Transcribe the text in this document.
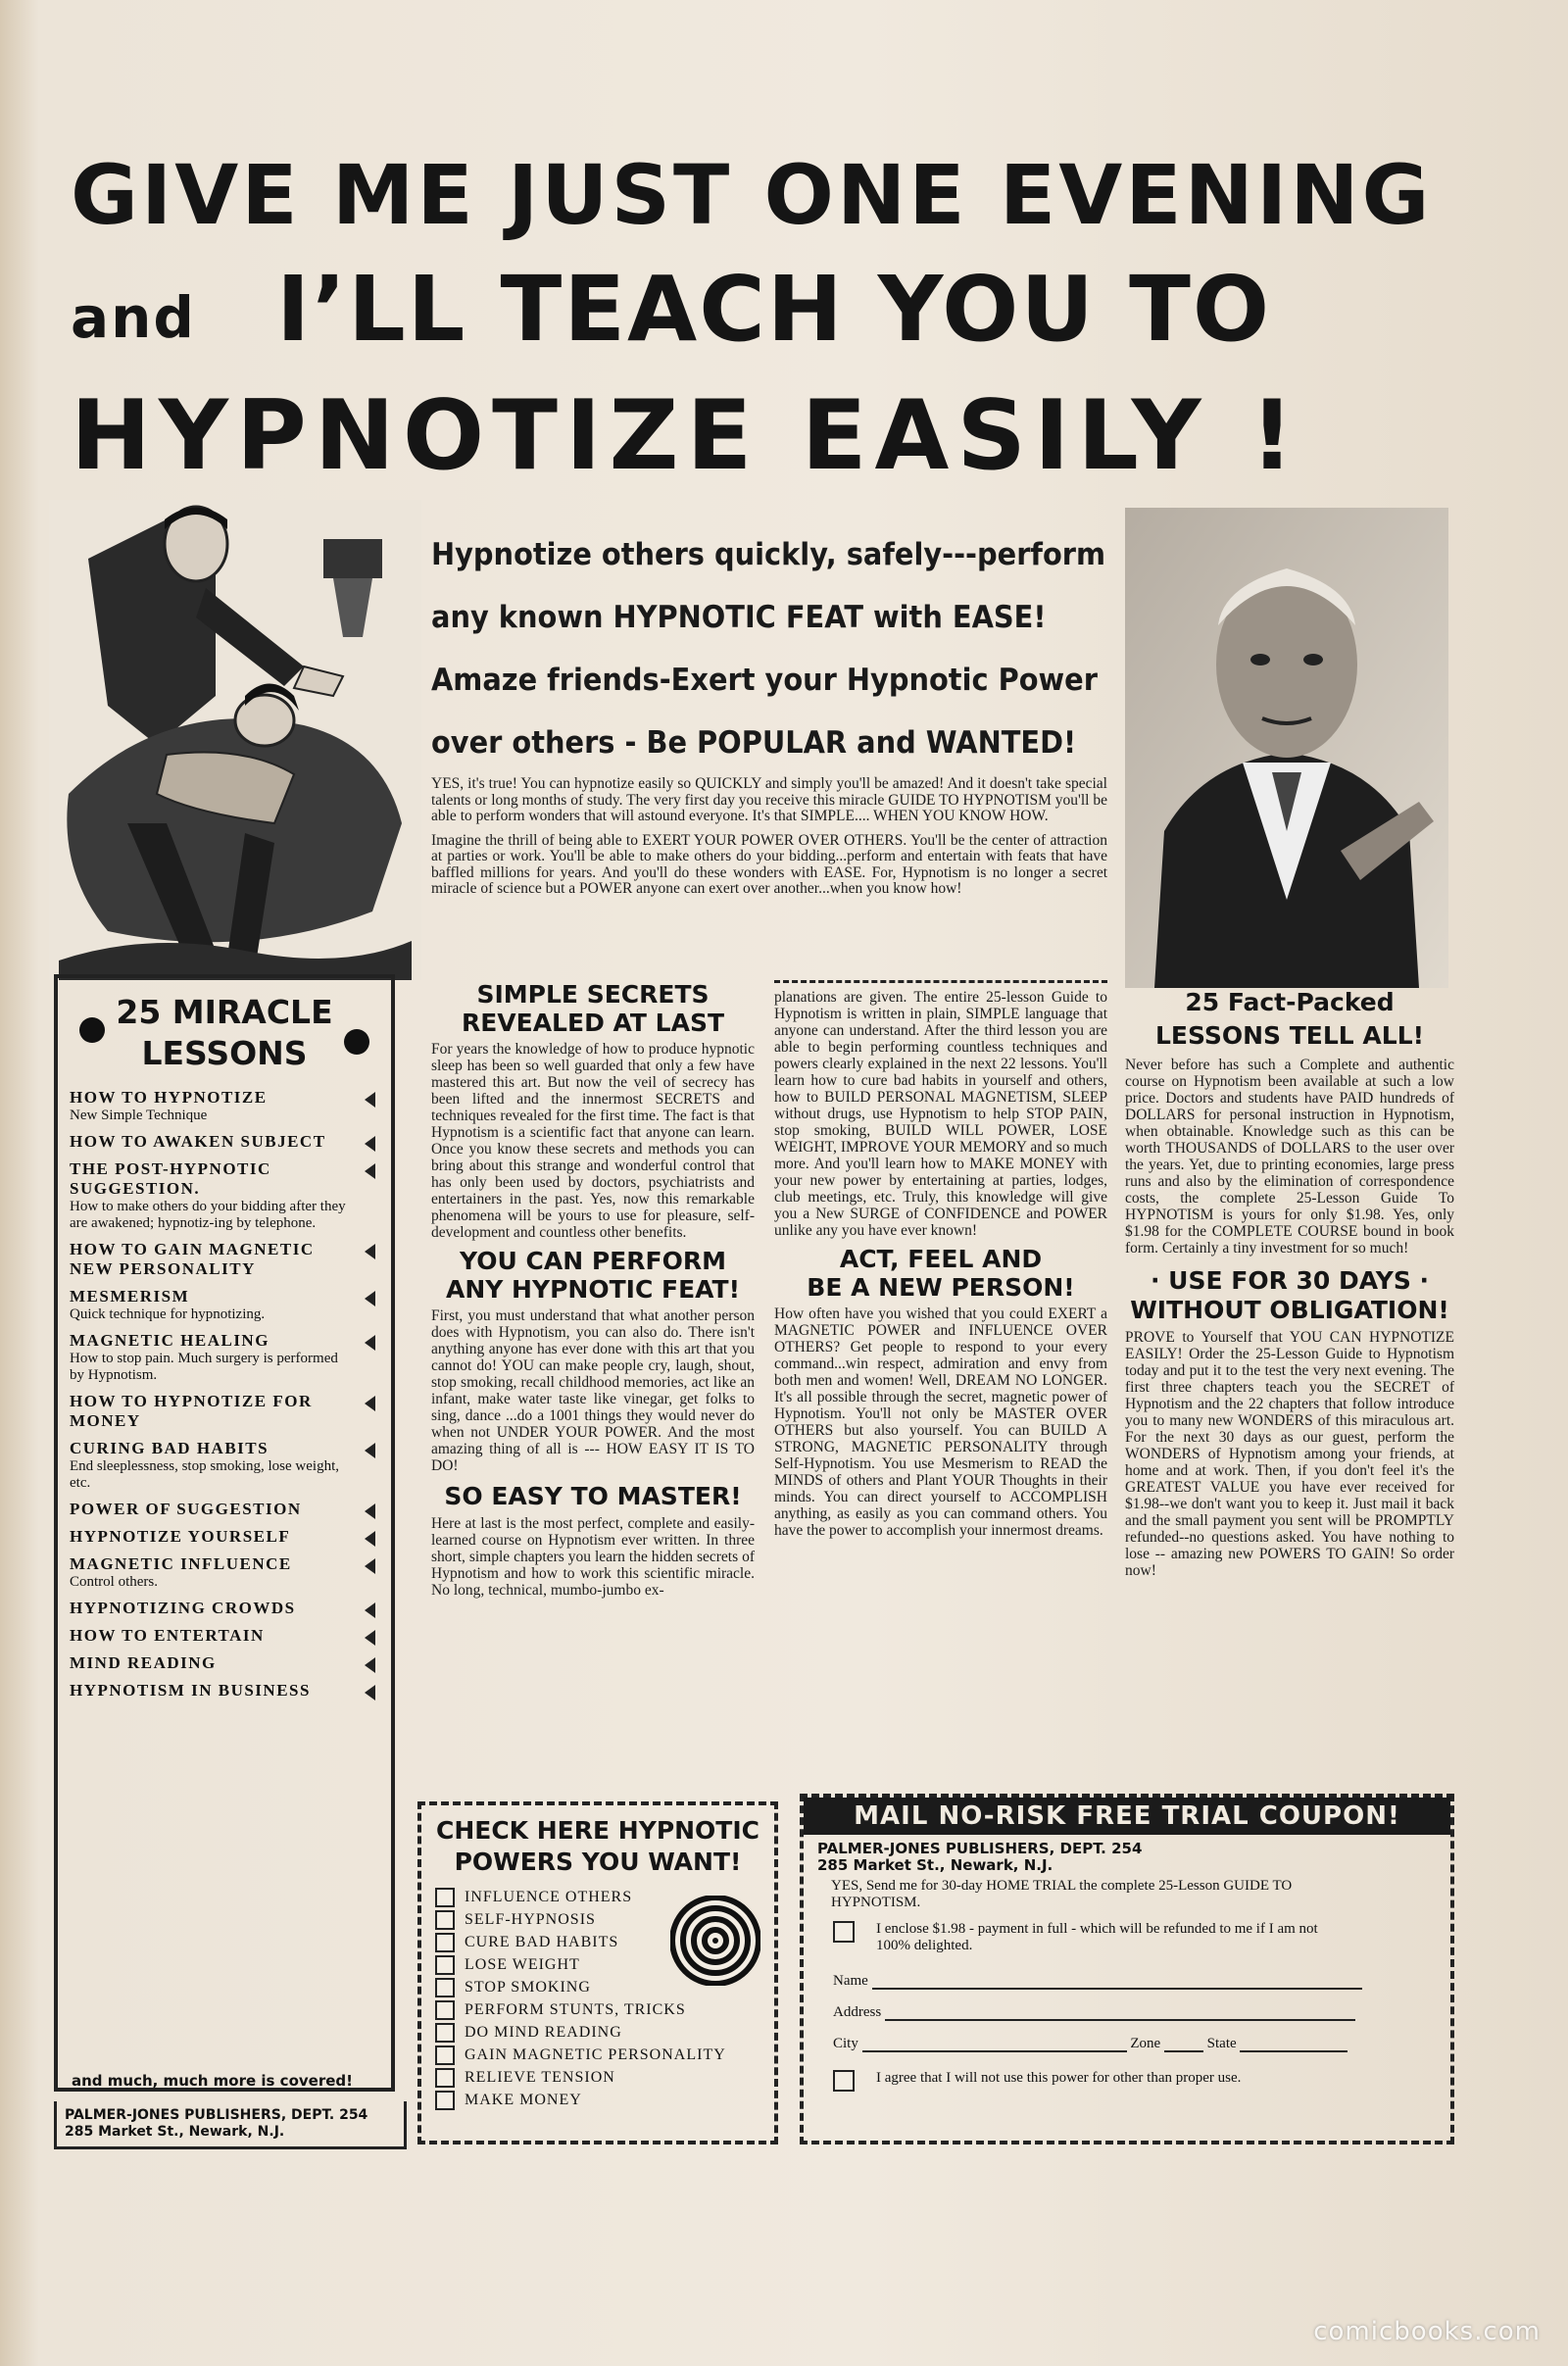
GIVE ME JUST ONE EVENING
and I’LL TEACH YOU TO
HYPNOTIZE EASILY !
Hypnotize others quickly, safely---perform
any known HYPNOTIC FEAT with EASE!
Amaze friends-Exert your Hypnotic Power
over others - Be POPULAR and WANTED!

YES, it's true! You can hypnotize easily so QUICKLY and simply you'll be amazed! And it doesn't take special talents or long months of study. The very first day you receive this miracle GUIDE TO HYPNOTISM you'll be able to perform wonders that will astound everyone. It's that SIMPLE.... WHEN YOU KNOW HOW.

Imagine the thrill of being able to EXERT YOUR POWER OVER OTHERS. You'll be the center of attraction at parties or work. You'll be able to make others do your bidding...perform and entertain with feats that have baffled millions for years. And you'll do these wonders with EASE. For, Hypnotism is no longer a secret miracle of science but a POWER anyone can exert over another...when you know how!

25 MIRACLE
LESSONS
HOW TO HYPNOTIZE
New Simple Technique
HOW TO AWAKEN SUBJECT
THE POST-HYPNOTIC SUGGESTION.
How to make others do your bidding after they are awakened; hypnotiz-ing by telephone.
HOW TO GAIN MAGNETIC NEW PERSONALITY
MESMERISM
Quick technique for hypnotizing.
MAGNETIC HEALING
How to stop pain. Much surgery is performed by Hypnotism.
HOW TO HYPNOTIZE FOR MONEY
CURING BAD HABITS
End sleeplessness, stop smoking, lose weight, etc.
POWER OF SUGGESTION
HYPNOTIZE YOURSELF
MAGNETIC INFLUENCE
Control others.
HYPNOTIZING CROWDS
HOW TO ENTERTAIN
MIND READING
HYPNOTISM IN BUSINESS
and much, much more is covered!
PALMER-JONES PUBLISHERS, DEPT. 254
285 Market St., Newark, N.J.
SIMPLE SECRETS
REVEALED AT LAST

For years the knowledge of how to produce hypnotic sleep has been so well guarded that only a few have mastered this art. But now the veil of secrecy has been lifted and the innermost SECRETS and techniques revealed for the first time. The fact is that Hypnotism is a scientific fact that anyone can learn. Once you know these secrets and methods you can bring about this strange and wonderful control that has only been used by doctors, psychiatrists and entertainers in the past. Yes, now this remarkable phenomena will be yours to use for pleasure, self-development and countless other benefits.

YOU CAN PERFORM
ANY HYPNOTIC FEAT!

First, you must understand that what another person does with Hypnotism, you can also do. There isn't anything anyone has ever done with this art that you cannot do! YOU can make people cry, laugh, shout, stop smoking, recall childhood memories, act like an infant, make water taste like vinegar, get folks to sing, dance ...do a 1001 things they would never do when not UNDER YOUR POWER. And the most amazing thing of all is --- HOW EASY IT IS TO DO!

SO EASY TO MASTER!

Here at last is the most perfect, complete and easily-learned course on Hypnotism ever written. In three short, simple chapters you learn the hidden secrets of Hypnotism and how to work this scientific miracle. No long, technical, mumbo-jumbo ex-

planations are given. The entire 25-lesson Guide to Hypnotism is written in plain, SIMPLE language that anyone can understand. After the third lesson you are able to begin performing countless techniques and powers clearly explained in the next 22 lessons. You'll learn how to cure bad habits in yourself and others, how to BUILD PERSONAL MAGNETISM, SLEEP without drugs, use Hypnotism to help STOP PAIN, stop smoking, BUILD WILL POWER, LOSE WEIGHT, IMPROVE YOUR MEMORY and so much more. And you'll learn how to MAKE MONEY with your new power by entertaining at parties, lodges, club meetings, etc. Truly, this knowledge will give you a New SURGE of CONFIDENCE and POWER unlike any you have ever known!

ACT, FEEL AND
BE A NEW PERSON!

How often have you wished that you could EXERT a MAGNETIC POWER and INFLUENCE OVER OTHERS? Get people to respond to your every command...win respect, admiration and envy from both men and women! Well, DREAM NO LONGER. It's all possible through the secret, magnetic power of Hypnotism. You'll not only be MASTER OVER OTHERS but also yourself. You can BUILD A STRONG, MAGNETIC PERSONALITY through Self-Hypnotism. You use Mesmerism to READ the MINDS of others and Plant YOUR Thoughts in their minds. You can direct yourself to ACCOMPLISH anything, as easily as you can command others. You have the power to accomplish your innermost dreams.

25 Fact-Packed
LESSONS TELL ALL!

Never before has such a Complete and authentic course on Hypnotism been available at such a low price. Doctors and students have PAID hundreds of DOLLARS for personal instruction in Hypnotism, when obtainable. Knowledge such as this can be worth THOUSANDS of DOLLARS to the user over the years. Yet, due to printing economies, large press runs and also by the elimination of correspondence costs, the complete 25-Lesson Guide To HYPNOTISM is yours for only $1.98. Yes, only $1.98 for the COMPLETE COURSE bound in book form. Certainly a tiny investment for so much!

· USE FOR 30 DAYS ·
WITHOUT OBLIGATION!

PROVE to Yourself that YOU CAN HYPNOTIZE EASILY! Order the 25-Lesson Guide to Hypnotism today and put it to the test the very next evening. The first three chapters teach you the SECRET of Hypnotism and the 22 chapters that follow introduce you to many new WONDERS of this miraculous art. For the next 30 days as our guest, perform the WONDERS of Hypnotism among your friends, at home and at work. Then, if you don't feel it's the GREATEST VALUE you have ever received for $1.98--we don't want you to keep it. Just mail it back and the small payment you sent will be PROMPTLY refunded--no questions asked. You have nothing to lose -- amazing new POWERS TO GAIN! So order now!

CHECK HERE HYPNOTIC
POWERS YOU WANT!
INFLUENCE OTHERS
SELF-HYPNOSIS
CURE BAD HABITS
LOSE WEIGHT
STOP SMOKING
PERFORM STUNTS, TRICKS
DO MIND READING
GAIN MAGNETIC PERSONALITY
RELIEVE TENSION
MAKE MONEY
MAIL NO-RISK FREE TRIAL COUPON!
PALMER-JONES PUBLISHERS, DEPT. 254
285 Market St., Newark, N.J.
YES, Send me for 30-day HOME TRIAL the complete 25-Lesson GUIDE TO HYPNOTISM.
I enclose $1.98 - payment in full - which will be refunded to me if I am not 100% delighted.
Name
Address
City	Zone	State
I agree that I will not use this power for other than proper use.
comicbooks.com
